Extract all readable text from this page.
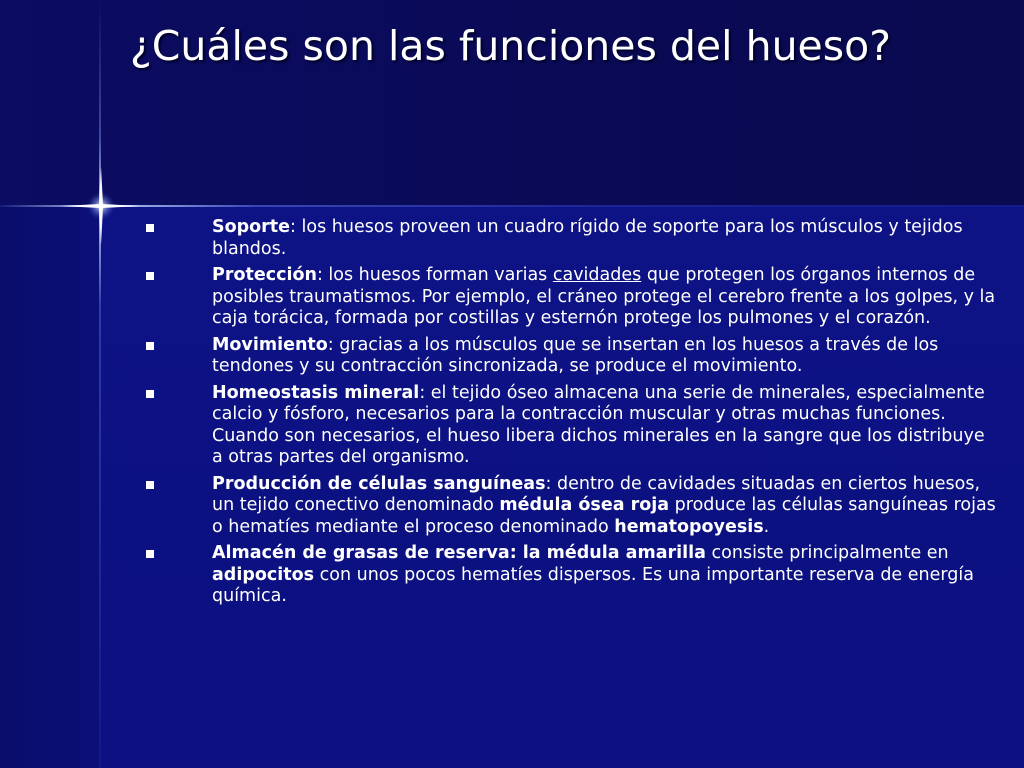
¿Cuáles son las funciones del hueso?
Soporte: los huesos proveen un cuadro rígido de soporte para los músculos y tejidos blandos.
Protección: los huesos forman varias cavidades que protegen los órganos internos de posibles traumatismos. Por ejemplo, el cráneo protege el cerebro frente a los golpes, y la caja torácica, formada por costillas y esternón protege los pulmones y el corazón.
Movimiento: gracias a los músculos que se insertan en los huesos a través de los tendones y su contracción sincronizada, se produce el movimiento.
Homeostasis mineral: el tejido óseo almacena una serie de minerales, especialmente calcio y fósforo, necesarios para la contracción muscular y otras muchas funciones. Cuando son necesarios, el hueso libera dichos minerales en la sangre que los distribuye a otras partes del organismo.
Producción de células sanguíneas: dentro de cavidades situadas en ciertos huesos, un tejido conectivo denominado médula ósea roja produce las células sanguíneas rojas o hematíes mediante el proceso denominado hematopoyesis.
Almacén de grasas de reserva: la médula amarilla consiste principalmente en adipocitos con unos pocos hematíes dispersos. Es una importante reserva de energía química.
